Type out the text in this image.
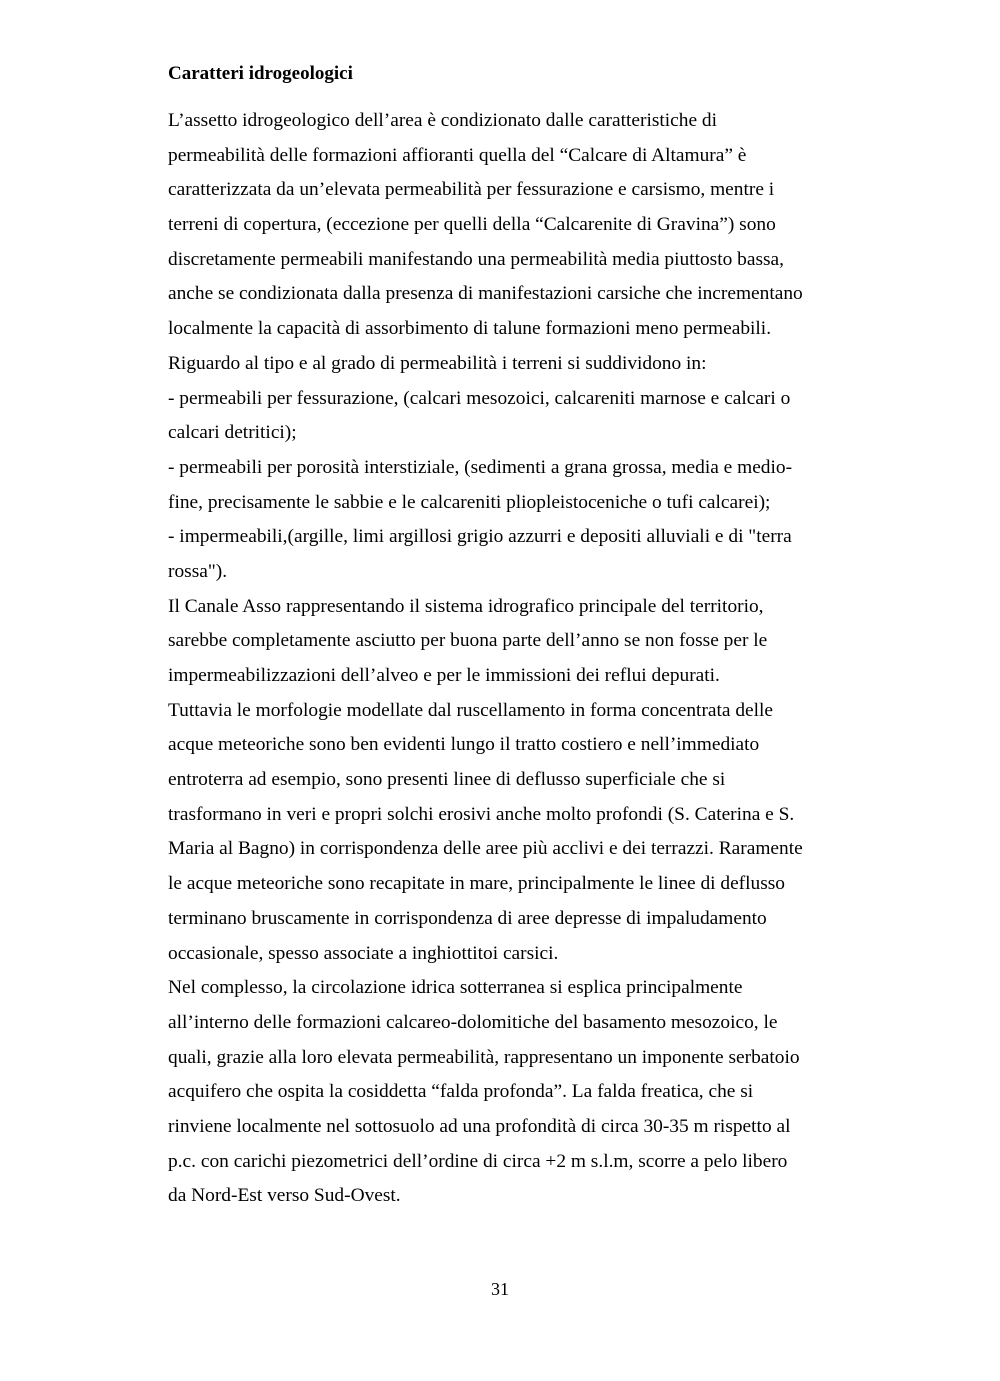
Caratteri idrogeologici
L’assetto idrogeologico dell’area è condizionato dalle caratteristiche di
permeabilità delle formazioni affioranti quella del “Calcare di Altamura” è
caratterizzata da un’elevata permeabilità per fessurazione e carsismo, mentre i
terreni di copertura, (eccezione per quelli della “Calcarenite di Gravina”) sono
discretamente permeabili manifestando una permeabilità media piuttosto bassa,
anche se condizionata dalla presenza di manifestazioni carsiche che incrementano
localmente la capacità di assorbimento di talune formazioni meno permeabili.
Riguardo al tipo e al grado di permeabilità i terreni si suddividono in:
- permeabili per fessurazione, (calcari mesozoici, calcareniti marnose e calcari o
calcari detritici);
- permeabili per porosità interstiziale, (sedimenti a grana grossa, media e medio-
fine, precisamente le sabbie e le calcareniti pliopleistoceniche o tufi calcarei);
- impermeabili,(argille, limi argillosi grigio azzurri e depositi alluviali e di "terra
rossa").
Il Canale Asso rappresentando il sistema idrografico principale del territorio,
sarebbe completamente asciutto per buona parte dell’anno se non fosse per le
impermeabilizzazioni dell’alveo e per le immissioni dei reflui depurati.
Tuttavia le morfologie modellate dal ruscellamento in forma concentrata delle
acque meteoriche sono ben evidenti lungo il tratto costiero e nell’immediato
entroterra ad esempio, sono presenti linee di deflusso superficiale che si
trasformano in veri e propri solchi erosivi anche molto profondi (S. Caterina e S.
Maria al Bagno) in corrispondenza delle aree più acclivi e dei terrazzi. Raramente
le acque meteoriche sono recapitate in mare, principalmente le linee di deflusso
terminano bruscamente in corrispondenza di aree depresse di impaludamento
occasionale, spesso associate a inghiottitoi carsici.
Nel complesso, la circolazione idrica sotterranea si esplica principalmente
all’interno delle formazioni calcareo-dolomitiche del basamento mesozoico, le
quali, grazie alla loro elevata permeabilità, rappresentano un imponente serbatoio
acquifero che ospita la cosiddetta “falda profonda”. La falda freatica, che si
rinviene localmente nel sottosuolo ad una profondità di circa 30-35 m rispetto al
p.c. con carichi piezometrici dell’ordine di circa +2 m s.l.m, scorre a pelo libero
da Nord-Est verso Sud-Ovest.
31
